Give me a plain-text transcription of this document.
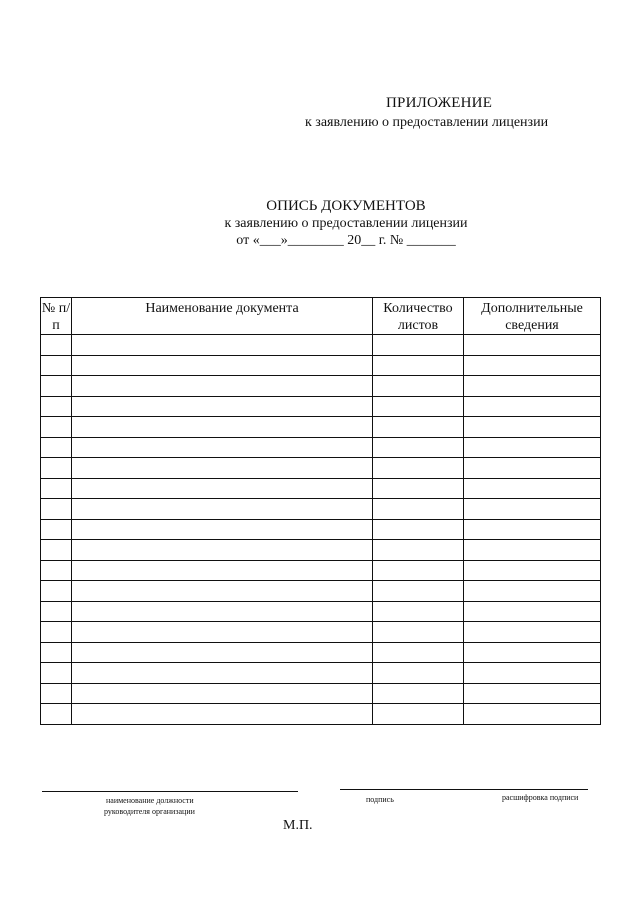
ПРИЛОЖЕНИЕ
к заявлению о предоставлении лицензии
ОПИСЬ ДОКУМЕНТОВ
к заявлению о предоставлении лицензии
от «___»________ 20__ г. № _______
№ п/п	Наименование документа	Количество листов	Дополнительные сведения

наименование должности
руководителя организации
подпись	расшифровка подписи
М.П.
